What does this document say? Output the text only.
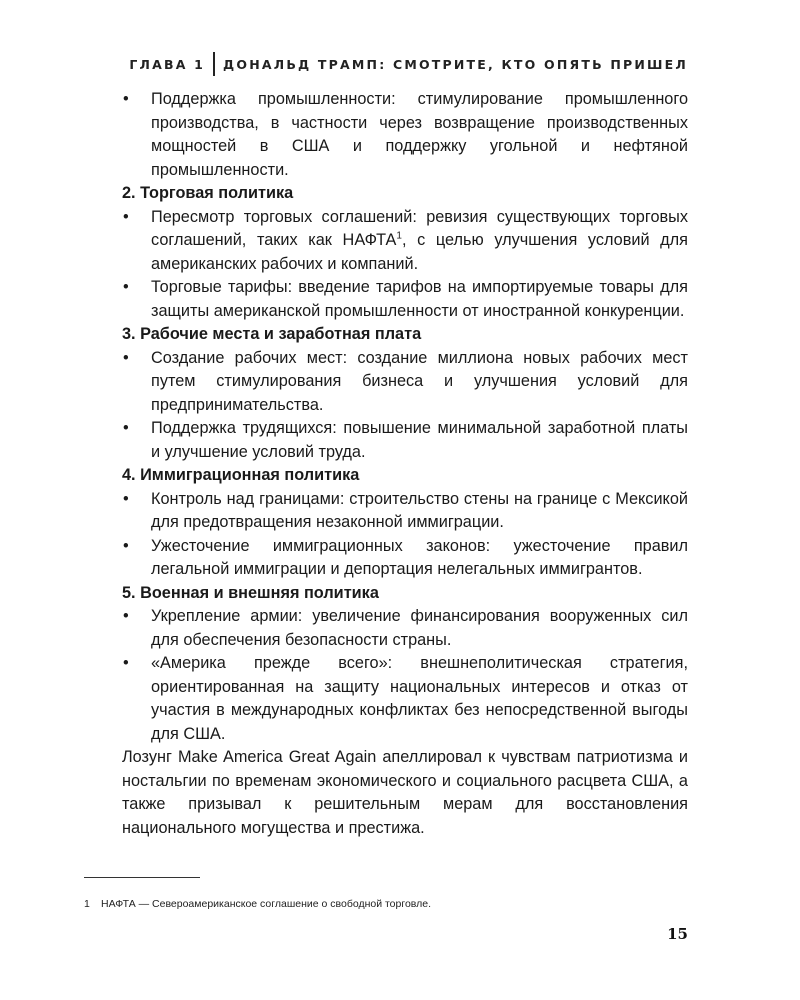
ГЛАВА 1 ДОНАЛЬД ТРАМП: СМОТРИТЕ, КТО ОПЯТЬ ПРИШЕЛ

• Поддержка промышленности: стимулирование промышленного производства, в частности через возвращение производственных мощностей в США и поддержку угольной и нефтяной промышленности.

2. Торговая политика

• Пересмотр торговых соглашений: ревизия существующих торговых соглашений, таких как НАФТА$^1$, с целью улучшения условий для американских рабочих и компаний.

• Торговые тарифы: введение тарифов на импортируемые товары для защиты американской промышленности от иностранной конкуренции.

3. Рабочие места и заработная плата

• Создание рабочих мест: создание миллиона новых рабочих мест путем стимулирования бизнеса и улучшения условий для предпринимательства.

• Поддержка трудящихся: повышение минимальной заработной платы и улучшение условий труда.

4. Иммиграционная политика

• Контроль над границами: строительство стены на границе с Мексикой для предотвращения незаконной иммиграции.

• Ужесточение иммиграционных законов: ужесточение правил легальной иммиграции и депортация нелегальных иммигрантов.

5. Военная и внешняя политика

• Укрепление армии: увеличение финансирования вооруженных сил для обеспечения безопасности страны.

• «Америка прежде всего»: внешнеполитическая стратегия, ориентированная на защиту национальных интересов и отказ от участия в международных конфликтах без непосредственной выгоды для США.

Лозунг Make America Great Again апеллировал к чувствам патриотизма и ностальгии по временам экономического и социального расцвета США, а также призывал к решительным мерам для восстановления национального могущества и престижа.

1 НАФТА — Североамериканское соглашение о свободной торговле.

15
